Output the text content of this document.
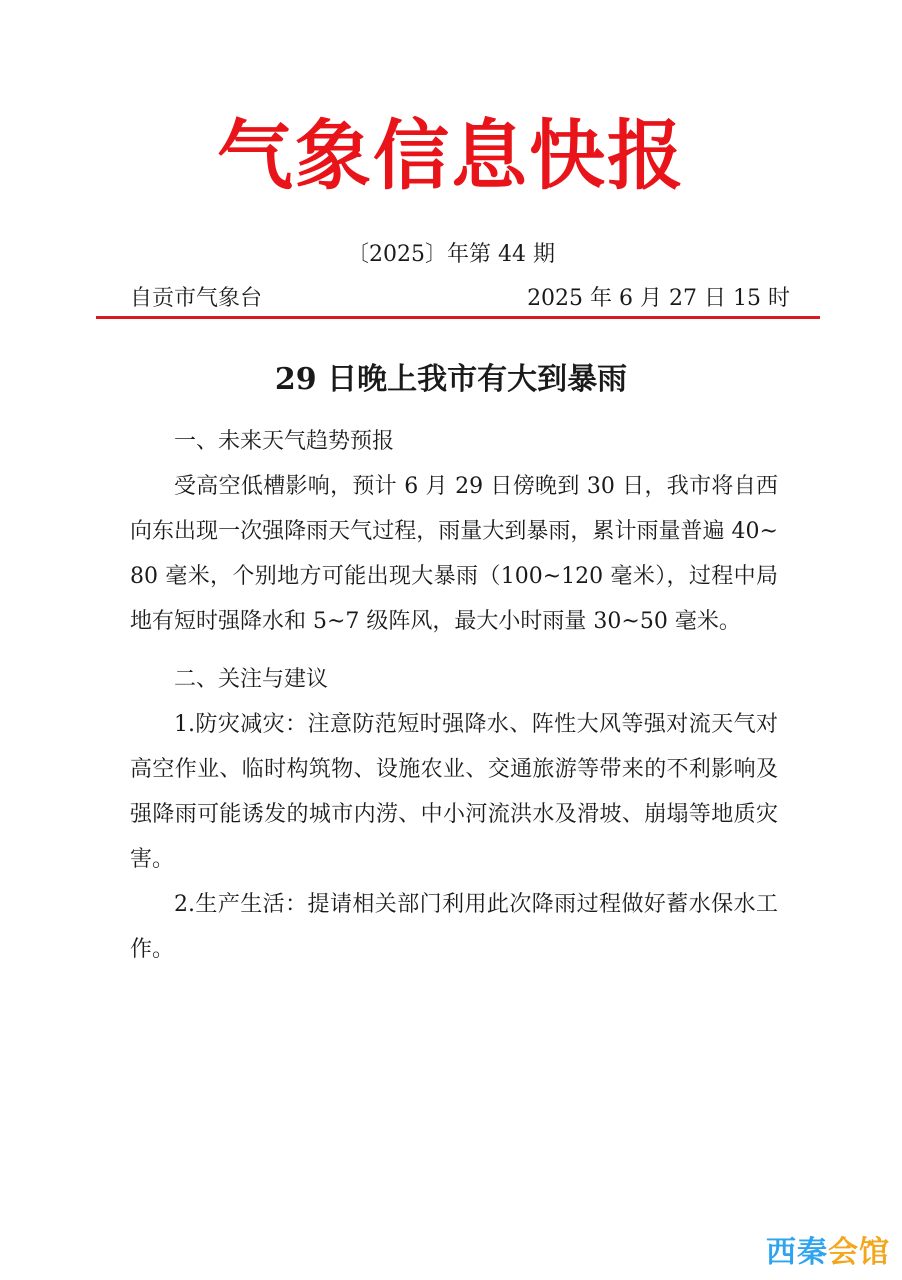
气象信息快报
〔2025〕年第 44 期
自贡市气象台	2025 年 6 月 27 日 15 时
29 日晚上我市有大到暴雨

一、未来天气趋势预报

受高空低槽影响，预计 6 月 29 日傍晚到 30 日，我市将自西向东出现一次强降雨天气过程，雨量大到暴雨，累计雨量普遍 40~80 毫米，个别地方可能出现大暴雨（100~120 毫米），过程中局地有短时强降水和 5~7 级阵风，最大小时雨量 30~50 毫米。

二、关注与建议

1.防灾减灾：注意防范短时强降水、阵性大风等强对流天气对高空作业、临时构筑物、设施农业、交通旅游等带来的不利影响及强降雨可能诱发的城市内涝、中小河流洪水及滑坡、崩塌等地质灾害。

2.生产生活：提请相关部门利用此次降雨过程做好蓄水保水工作。

西秦会馆
